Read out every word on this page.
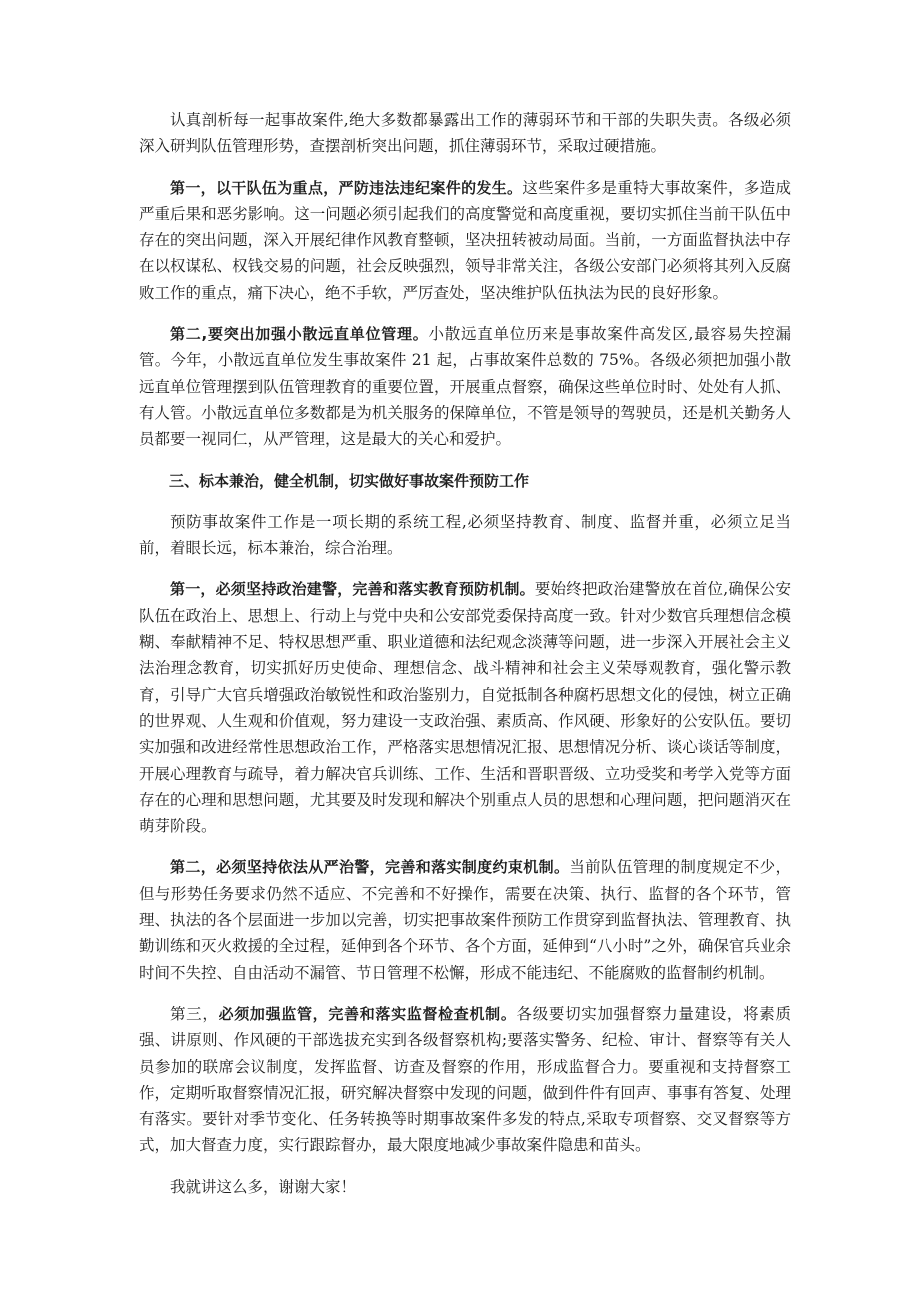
认真剖析每一起事故案件,绝大多数都暴露出工作的薄弱环节和干部的失职失责。各级必须深入研判队伍管理形势，查摆剖析突出问题，抓住薄弱环节，采取过硬措施。

第一，以干队伍为重点，严防违法违纪案件的发生。这些案件多是重特大事故案件，多造成严重后果和恶劣影响。这一问题必须引起我们的高度警觉和高度重视，要切实抓住当前干队伍中存在的突出问题，深入开展纪律作风教育整顿，坚决扭转被动局面。当前，一方面监督执法中存在以权谋私、权钱交易的问题，社会反映强烈，领导非常关注，各级公安部门必须将其列入反腐败工作的重点，痛下决心，绝不手软，严厉查处，坚决维护队伍执法为民的良好形象。

第二,要突出加强小散远直单位管理。小散远直单位历来是事故案件高发区,最容易失控漏管。今年，小散远直单位发生事故案件 21 起，占事故案件总数的 75%。各级必须把加强小散远直单位管理摆到队伍管理教育的重要位置，开展重点督察，确保这些单位时时、处处有人抓、有人管。小散远直单位多数都是为机关服务的保障单位，不管是领导的驾驶员，还是机关勤务人员都要一视同仁，从严管理，这是最大的关心和爱护。

三、标本兼治，健全机制，切实做好事故案件预防工作

预防事故案件工作是一项长期的系统工程,必须坚持教育、制度、监督并重，必须立足当前，着眼长远，标本兼治，综合治理。

第一，必须坚持政治建警，完善和落实教育预防机制。要始终把政治建警放在首位,确保公安队伍在政治上、思想上、行动上与党中央和公安部党委保持高度一致。针对少数官兵理想信念模糊、奉献精神不足、特权思想严重、职业道德和法纪观念淡薄等问题，进一步深入开展社会主义法治理念教育，切实抓好历史使命、理想信念、战斗精神和社会主义荣辱观教育，强化警示教育，引导广大官兵增强政治敏锐性和政治鉴别力，自觉抵制各种腐朽思想文化的侵蚀，树立正确的世界观、人生观和价值观，努力建设一支政治强、素质高、作风硬、形象好的公安队伍。要切实加强和改进经常性思想政治工作，严格落实思想情况汇报、思想情况分析、谈心谈话等制度，开展心理教育与疏导，着力解决官兵训练、工作、生活和晋职晋级、立功受奖和考学入党等方面存在的心理和思想问题，尤其要及时发现和解决个别重点人员的思想和心理问题，把问题消灭在萌芽阶段。

第二，必须坚持依法从严治警，完善和落实制度约束机制。当前队伍管理的制度规定不少，但与形势任务要求仍然不适应、不完善和不好操作，需要在决策、执行、监督的各个环节，管理、执法的各个层面进一步加以完善，切实把事故案件预防工作贯穿到监督执法、管理教育、执勤训练和灭火救援的全过程，延伸到各个环节、各个方面，延伸到“八小时”之外，确保官兵业余时间不失控、自由活动不漏管、节日管理不松懈，形成不能违纪、不能腐败的监督制约机制。

第三，必须加强监管，完善和落实监督检查机制。各级要切实加强督察力量建设，将素质强、讲原则、作风硬的干部选拔充实到各级督察机构;要落实警务、纪检、审计、督察等有关人员参加的联席会议制度，发挥监督、访查及督察的作用，形成监督合力。要重视和支持督察工作，定期听取督察情况汇报，研究解决督察中发现的问题，做到件件有回声、事事有答复、处理有落实。要针对季节变化、任务转换等时期事故案件多发的特点,采取专项督察、交叉督察等方式，加大督查力度，实行跟踪督办，最大限度地减少事故案件隐患和苗头。

我就讲这么多，谢谢大家！
